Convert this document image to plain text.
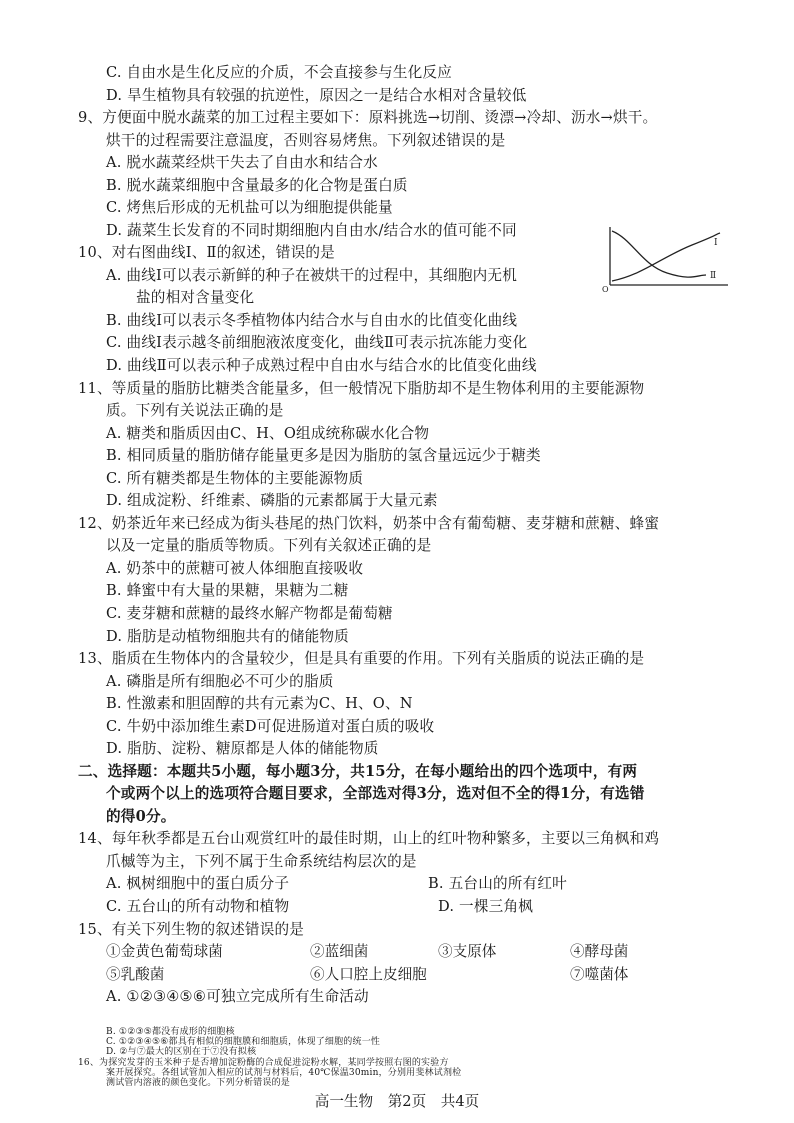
C. 自由水是生化反应的介质，不会直接参与生化反应
D. 旱生植物具有较强的抗逆性，原因之一是结合水相对含量较低
9、方便面中脱水蔬菜的加工过程主要如下：原料挑选→切削、烫漂→冷却、沥水→烘干。
烘干的过程需要注意温度，否则容易烤焦。下列叙述错误的是
A. 脱水蔬菜经烘干失去了自由水和结合水
B. 脱水蔬菜细胞中含量最多的化合物是蛋白质
C. 烤焦后形成的无机盐可以为细胞提供能量
D. 蔬菜生长发育的不同时期细胞内自由水/结合水的值可能不同
10、对右图曲线Ⅰ、Ⅱ的叙述，错误的是
A. 曲线Ⅰ可以表示新鲜的种子在被烘干的过程中，其细胞内无机
盐的相对含量变化
B. 曲线Ⅰ可以表示冬季植物体内结合水与自由水的比值变化曲线
C. 曲线Ⅰ表示越冬前细胞液浓度变化，曲线Ⅱ可表示抗冻能力变化
D. 曲线Ⅱ可以表示种子成熟过程中自由水与结合水的比值变化曲线
Ⅰ
Ⅱ
O
11、等质量的脂肪比糖类含能量多，但一般情况下脂肪却不是生物体利用的主要能源物
质。下列有关说法正确的是
A. 糖类和脂质因由C、H、O组成统称碳水化合物
B. 相同质量的脂肪储存能量更多是因为脂肪的氢含量远远少于糖类
C. 所有糖类都是生物体的主要能源物质
D. 组成淀粉、纤维素、磷脂的元素都属于大量元素
12、奶茶近年来已经成为街头巷尾的热门饮料，奶茶中含有葡萄糖、麦芽糖和蔗糖、蜂蜜
以及一定量的脂质等物质。下列有关叙述正确的是
A. 奶茶中的蔗糖可被人体细胞直接吸收
B. 蜂蜜中有大量的果糖，果糖为二糖
C. 麦芽糖和蔗糖的最终水解产物都是葡萄糖
D. 脂肪是动植物细胞共有的储能物质
13、脂质在生物体内的含量较少，但是具有重要的作用。下列有关脂质的说法正确的是
A. 磷脂是所有细胞必不可少的脂质
B. 性激素和胆固醇的共有元素为C、H、O、N
C. 牛奶中添加维生素D可促进肠道对蛋白质的吸收
D. 脂肪、淀粉、糖原都是人体的储能物质
二、选择题：本题共5小题，每小题3分，共15分，在每小题给出的四个选项中，有两
个或两个以上的选项符合题目要求，全部选对得3分，选对但不全的得1分，有选错
的得0分。
14、每年秋季都是五台山观赏红叶的最佳时期，山上的红叶物种繁多，主要以三角枫和鸡
爪槭等为主，下列不属于生命系统结构层次的是
A. 枫树细胞中的蛋白质分子	B. 五台山的所有红叶
C. 五台山的所有动物和植物	D. 一棵三角枫
15、有关下列生物的叙述错误的是
①金黄色葡萄球菌	②蓝细菌	③支原体	④酵母菌
⑤乳酸菌	⑥人口腔上皮细胞	⑦噬菌体
A. ①②③④⑤⑥可独立完成所有生命活动
高一生物　第2页　共4页
B. ①②③⑤都没有成形的细胞核
C. ①②③④⑤⑥都具有相似的细胞膜和细胞质，体现了细胞的统一性
D. ②与⑦最大的区别在于⑦没有拟核
16、为探究发芽的玉米种子是否增加淀粉酶的合成促进淀粉水解，某同学按照右图的实验方
案开展探究。各组试管加入相应的试剂与材料后，40℃保温30min，分别用斐林试剂检
测试管内溶液的颜色变化。下列分析错误的是
